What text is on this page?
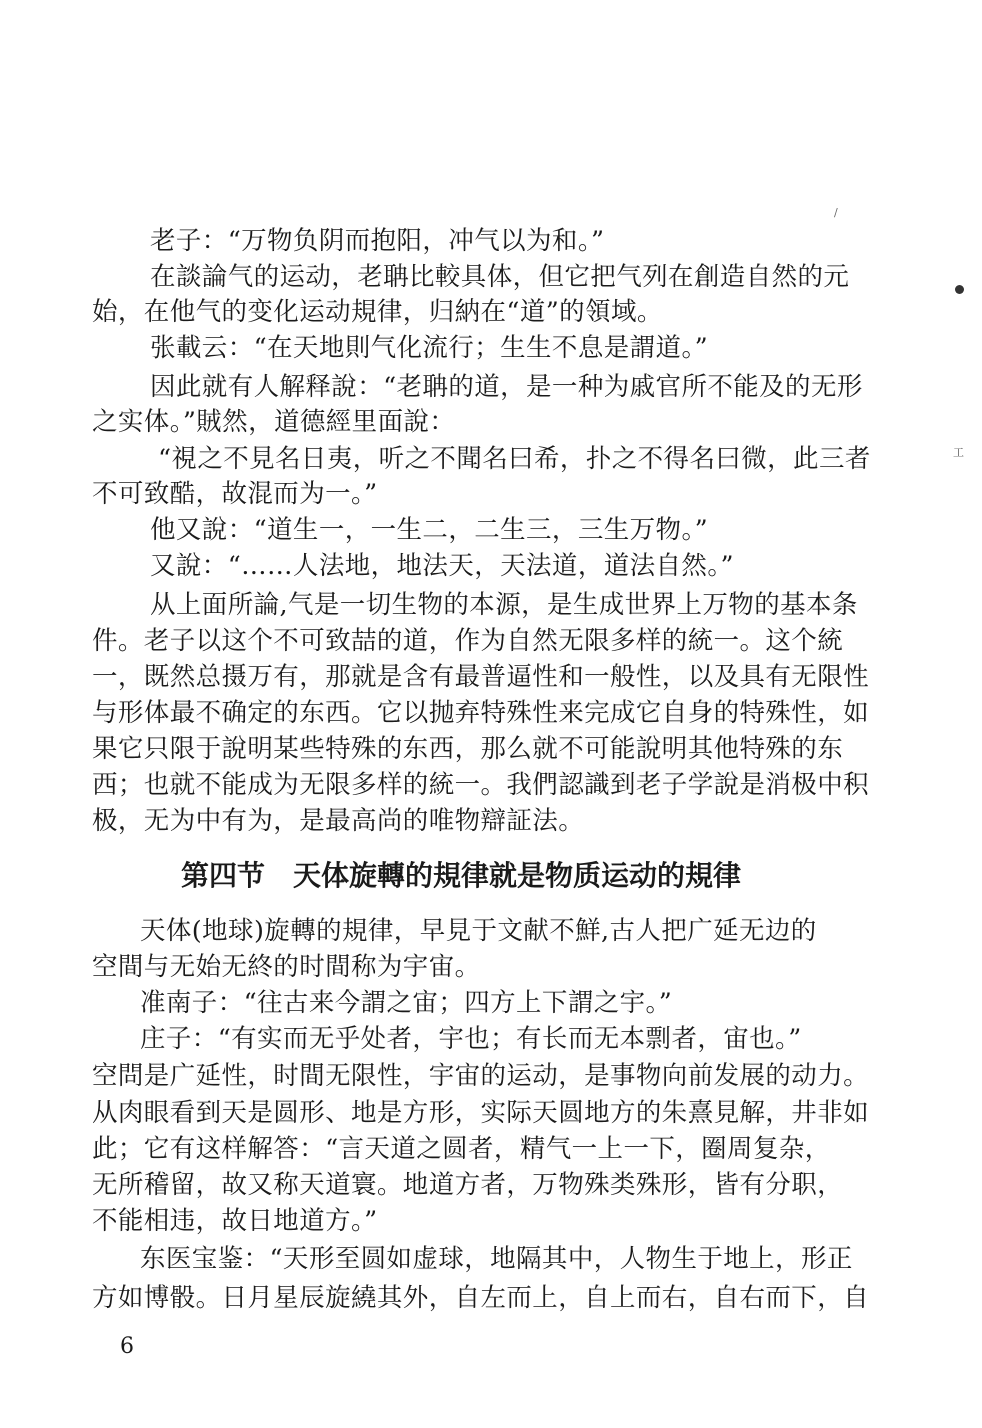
/
工
老子：“万物负阴而抱阳，冲气以为和。”
在談論气的运动，老聃比較具体，但它把气列在創造自然的元
始，在他气的变化运动規律，归納在“道”的領域。
张載云：“在天地則气化流行；生生不息是謂道。”
因此就有人解释說：“老聃的道，是一种为戚官所不能及的无形
之实体。”賊然，道德經里面說：
“視之不見名日夷，听之不聞名曰希，扑之不得名曰微，此三者
不可致酷，故混而为一。”
他又說：“道生一，一生二，二生三，三生万物。”
又說：“……人法地，地法天，天法道，道法自然。”
从上面所論,气是一切生物的本源，是生成世界上万物的基本条
件。老子以这个不可致喆的道，作为自然无限多样的統一。这个統
一，既然总摄万有，那就是含有最普逼性和一般性，以及具有无限性
与形体最不确定的东西。它以抛弃特殊性来完成它自身的特殊性，如
果它只限于說明某些特殊的东西，那么就不可能說明其他特殊的东
西；也就不能成为无限多样的統一。我們認識到老子学說是消极中积
极，无为中有为，是最高尚的唯物辯証法。
第四节　天体旋轉的規律就是物质运动的規律
天体(地球)旋轉的規律，早見于文献不鮮,古人把广延无边的
空間与无始无終的时間称为宇宙。
准南子：“往古来今謂之宙；四方上下謂之宇。”
庄子：“有实而无乎处者，宇也；有长而无本剽者，宙也。”
空問是广延性，时間无限性，宇宙的运动，是事物向前发展的动力。
从肉眼看到天是圆形、地是方形，实际天圆地方的朱熹見解，井非如
此；它有这样解答：“言天道之圆者，精气一上一下，圈周复杂，
无所稽留，故又称天道寰。地道方者，万物殊类殊形，皆有分职，
不能相违，故日地道方。”
东医宝鉴：“天形至圆如虚球，地隔其中，人物生于地上，形正
方如博骰。日月星辰旋繞其外，自左而上，自上而右，自右而下，自
6
